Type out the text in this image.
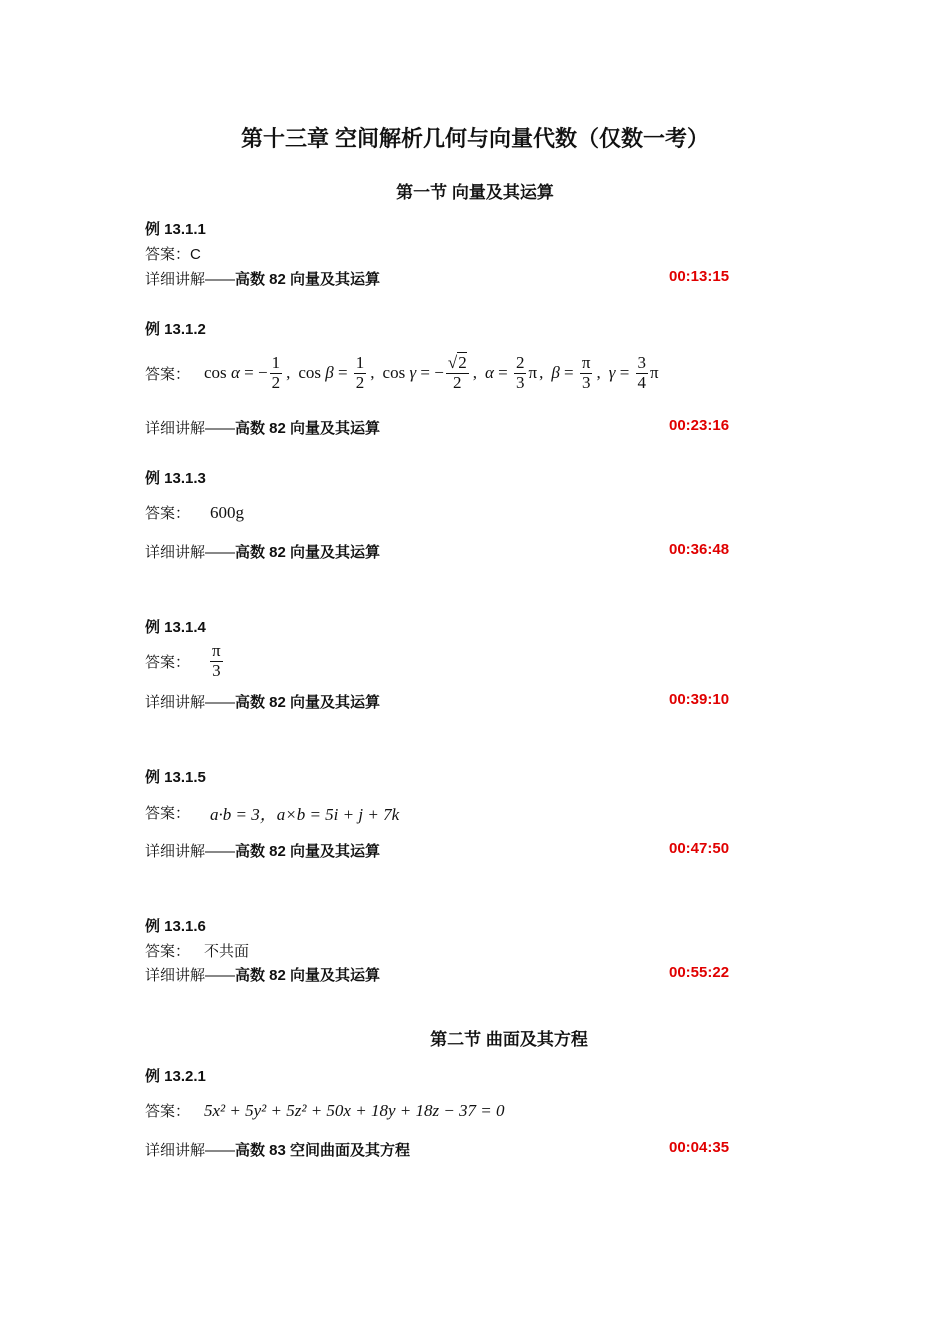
第十三章 空间解析几何与向量代数（仅数一考）
第一节 向量及其运算
例 13.1.1
答案：C
详细讲解——高数 82 向量及其运算	00:13:15
例 13.1.2
答案： cos α = − $\frac{1}{2}$ , $\cos \beta = \frac{1}{2}$ , cos γ = − $\frac{√2}{2}$ , $\alpha = \frac{2}{3}$ π , $\beta = \frac{\pi}{3}$ , $\gamma = \frac{3}{4}$ π
详细讲解——高数 82 向量及其运算	00:23:16
例 13.1.3
答案： 600g
详细讲解——高数 82 向量及其运算	00:36:48
例 13.1.4
答案： $\frac{\pi}{3}$
详细讲解——高数 82 向量及其运算	00:39:10
例 13.1.5
答案： a·b = 3，a×b = 5i + j + 7k
详细讲解——高数 82 向量及其运算	00:47:50
例 13.1.6
答案： 不共面
详细讲解——高数 82 向量及其运算	00:55:22
第二节 曲面及其方程
例 13.2.1
答案： 5x² + 5y² + 5z² + 50x + 18y + 18z − 37 = 0
详细讲解——高数 83 空间曲面及其方程	00:04:35
